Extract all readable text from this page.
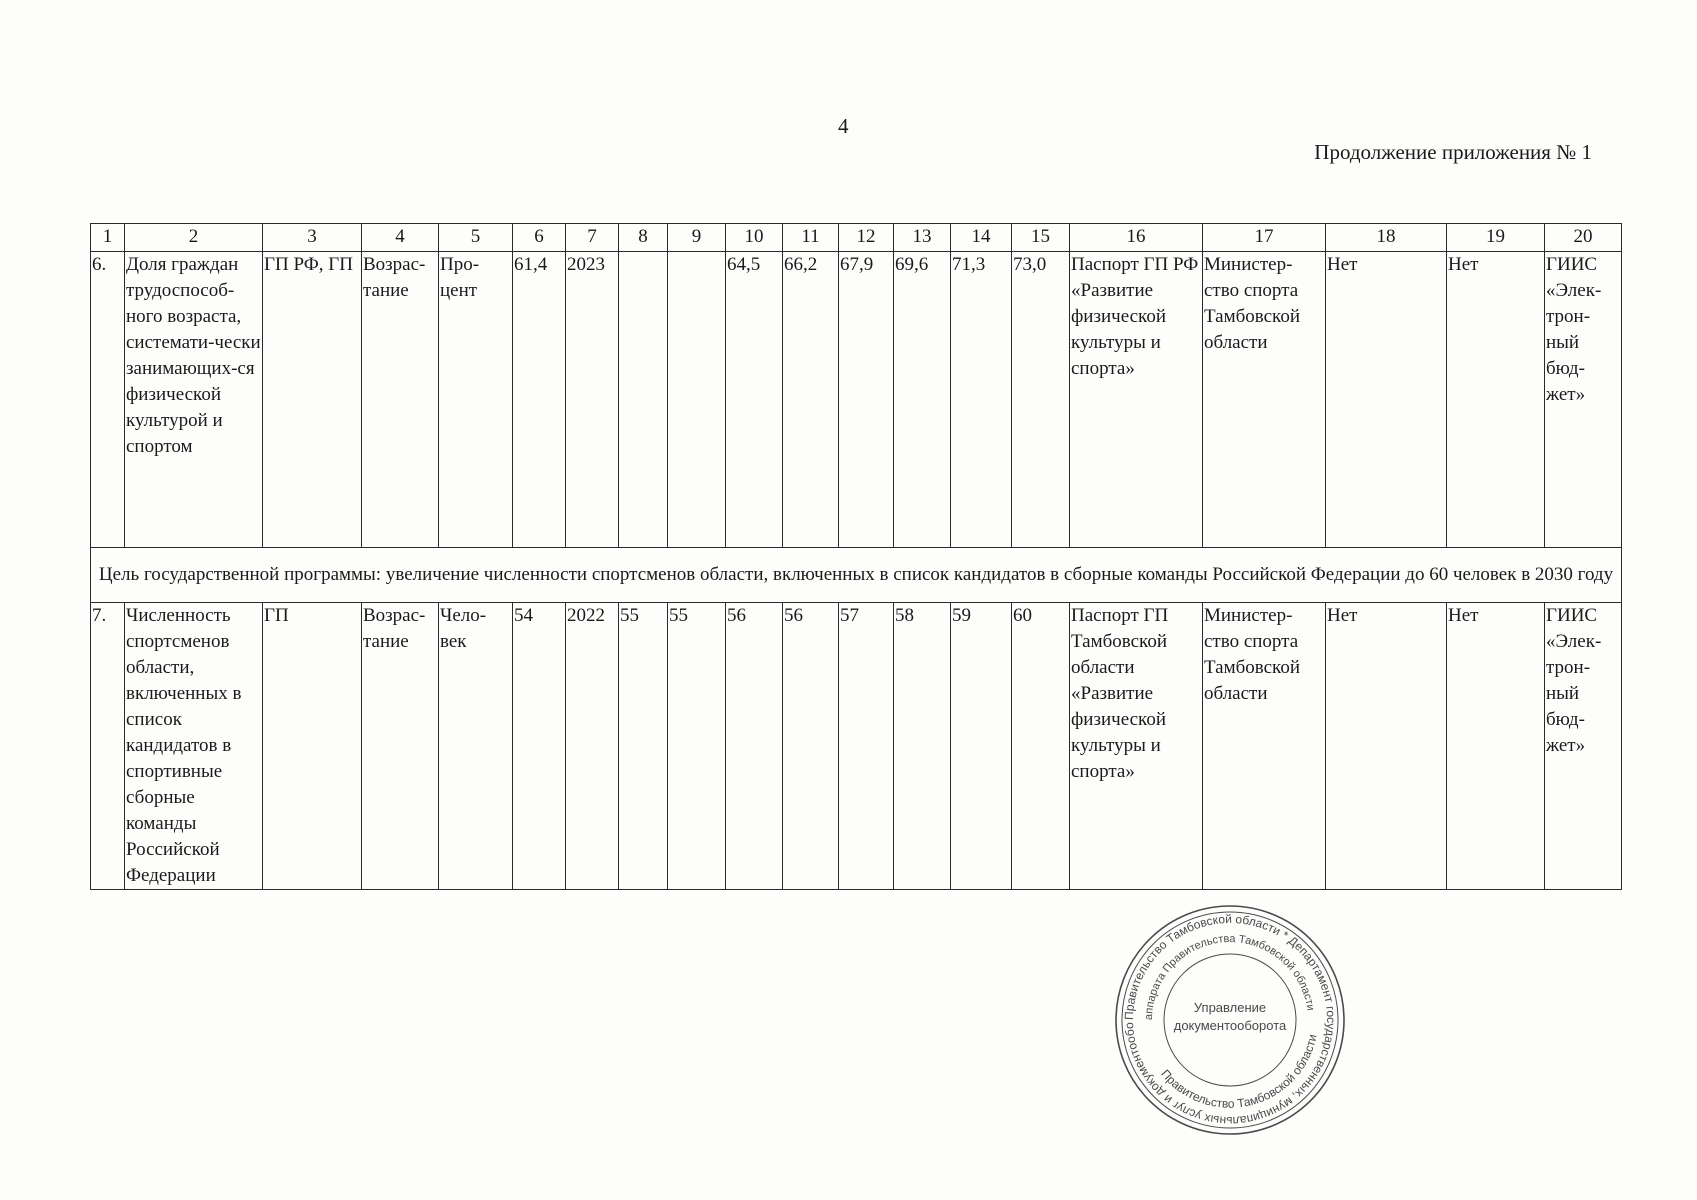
4
Продолжение приложения № 1
1	2	3	4	5	6	7	8	9	10	11	12	13	14	15	16	17	18	19	20
6.	Доля граждан трудоспособ-ного возраста, системати-чески занимающих-ся физической культурой и спортом	ГП РФ, ГП	Возрас-тание	Про-цент	61,4	2023			64,5	66,2	67,9	69,6	71,3	73,0	Паспорт ГП РФ «Развитие физической культуры и спорта»	Министер-ство спорта Тамбовской области	Нет	Нет	ГИИС «Элек-трон-ный бюд-жет»
Цель государственной программы: увеличение численности спортсменов области, включенных в список кандидатов в сборные команды Российской Федерации до 60 человек в 2030 году																			
7.	Численность спортсменов области, включенных в список кандидатов в спортивные сборные команды Российской Федерации	ГП	Возрас-тание	Чело-век	54	2022	55	55	56	56	57	58	59	60	Паспорт ГП Тамбовской области «Развитие физической культуры и спорта»	Министер-ство спорта Тамбовской области	Нет	Нет	ГИИС «Элек-трон-ный бюд-жет»
Правительство Тамбовской области * Департамент государственных, муниципальных услуг и документообо
аппарата Правительства Тамбовской области
Правительство Тамбовской области
Управление
документооборота
